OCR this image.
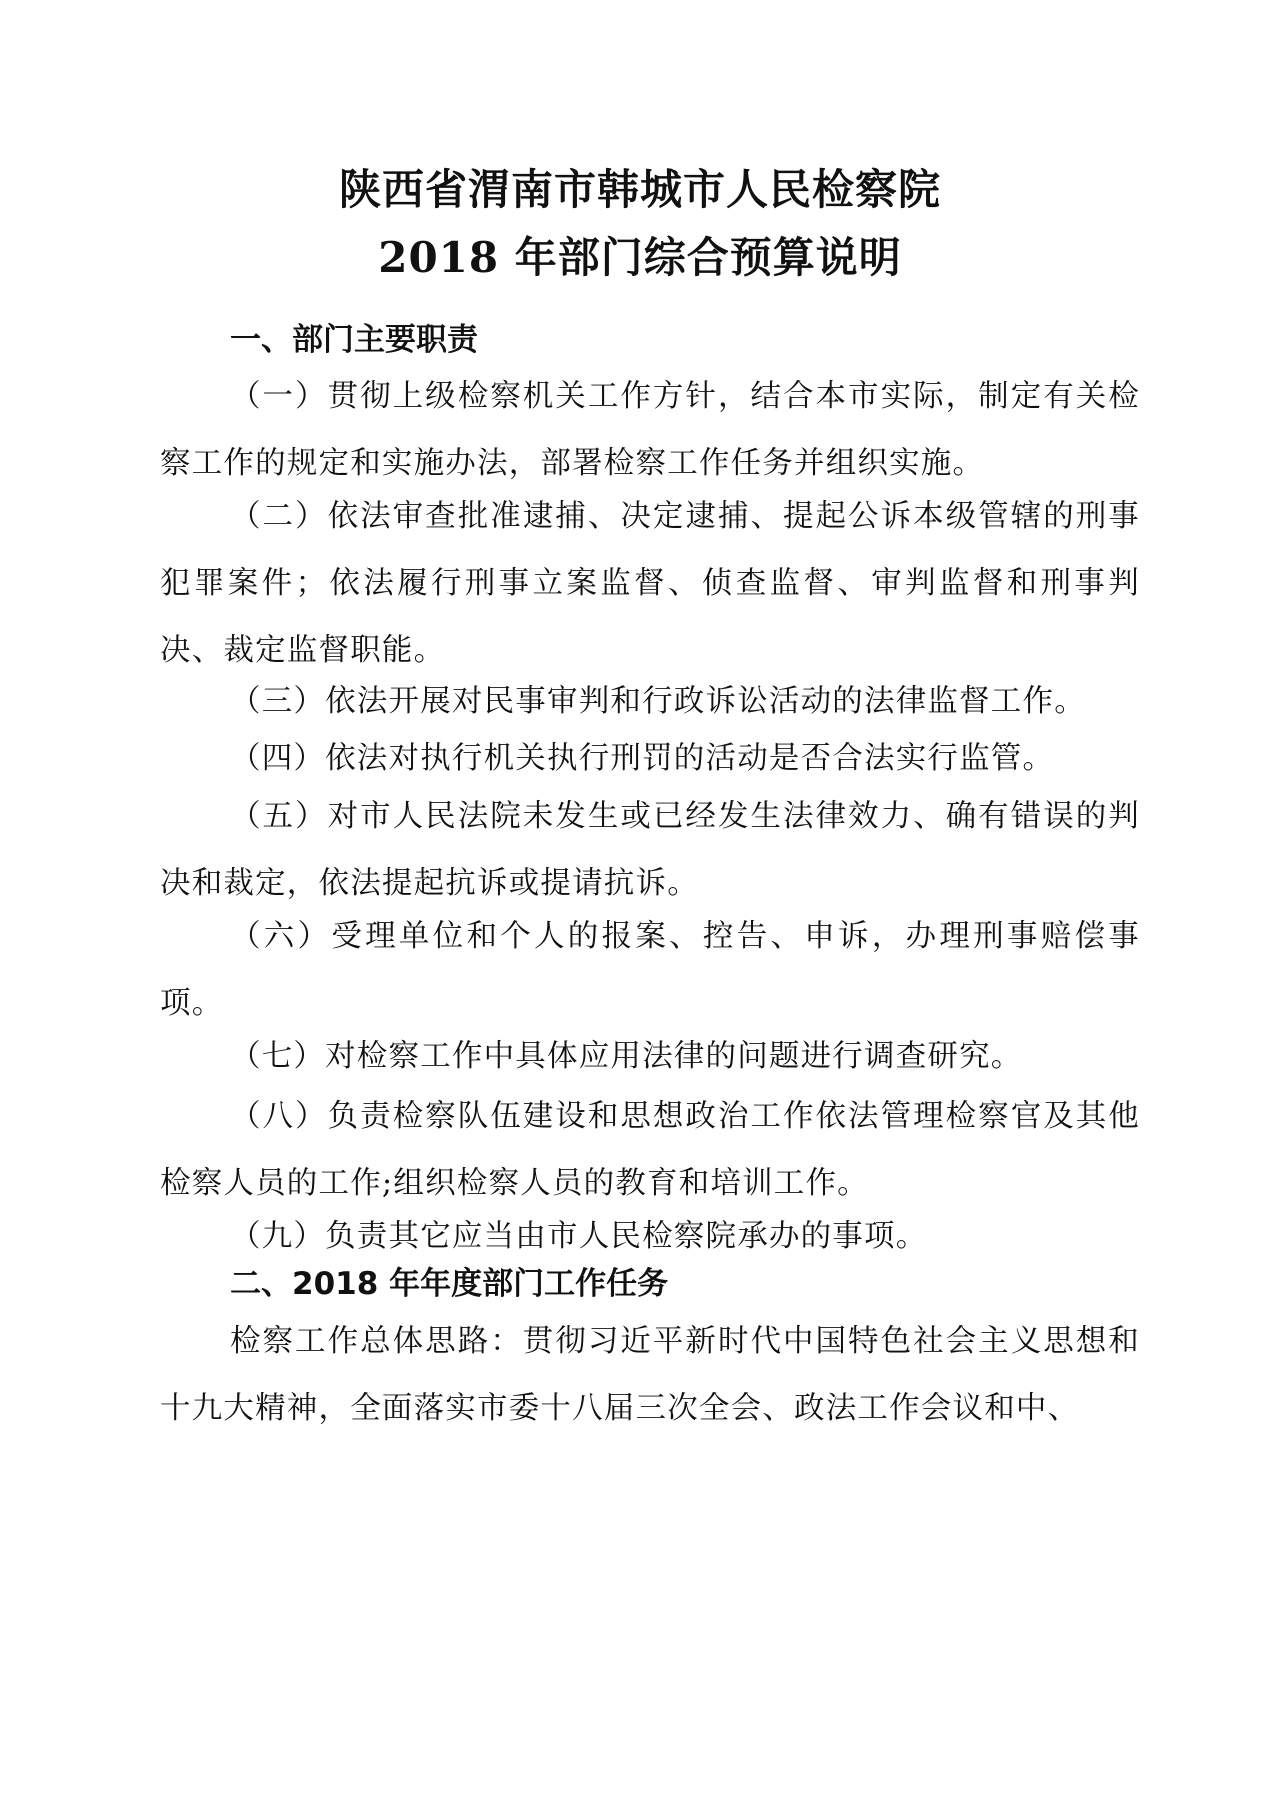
陕西省渭南市韩城市人民检察院
2018 年部门综合预算说明
一、部门主要职责

（一）贯彻上级检察机关工作方针，结合本市实际，制定有关检察工作的规定和实施办法，部署检察工作任务并组织实施。

（二）依法审查批准逮捕、决定逮捕、提起公诉本级管辖的刑事犯罪案件；依法履行刑事立案监督、侦查监督、审判监督和刑事判决、裁定监督职能。

（三）依法开展对民事审判和行政诉讼活动的法律监督工作。

（四）依法对执行机关执行刑罚的活动是否合法实行监管。

（五）对市人民法院未发生或已经发生法律效力、确有错误的判决和裁定，依法提起抗诉或提请抗诉。

（六）受理单位和个人的报案、控告、申诉，办理刑事赔偿事项。

（七）对检察工作中具体应用法律的问题进行调查研究。

（八）负责检察队伍建设和思想政治工作依法管理检察官及其他检察人员的工作;组织检察人员的教育和培训工作。

（九）负责其它应当由市人民检察院承办的事项。

二、2018 年年度部门工作任务

检察工作总体思路：贯彻习近平新时代中国特色社会主义思想和十九大精神，全面落实市委十八届三次全会、政法工作会议和中、
